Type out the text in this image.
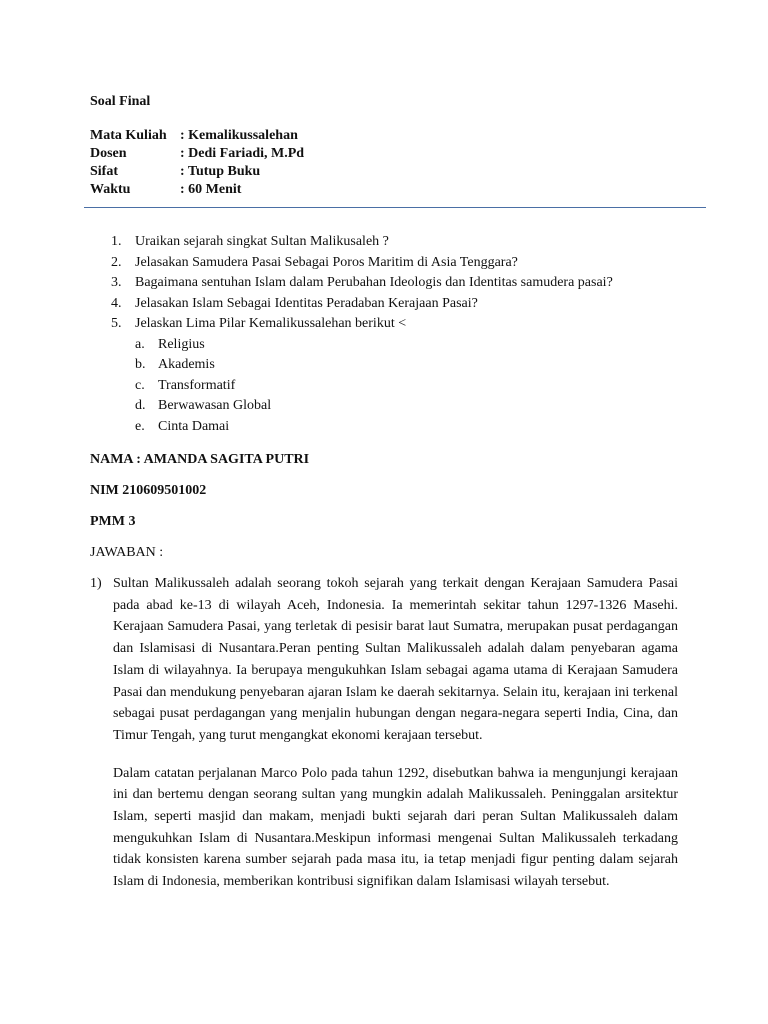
Soal Final
Mata Kuliah : Kemalikussalehan
Dosen	: Dedi Fariadi, M.Pd
Sifat	: Tutup Buku
Waktu	: 60 Menit
1. Uraikan sejarah singkat Sultan Malikusaleh ?
2. Jelasakan Samudera Pasai Sebagai Poros Maritim di Asia Tenggara?
3. Bagaimana sentuhan Islam dalam Perubahan Ideologis dan Identitas samudera pasai?
4. Jelasakan Islam Sebagai Identitas Peradaban Kerajaan Pasai?
5. Jelaskan Lima Pilar Kemalikussalehan berikut <
a. Religius
b. Akademis
c. Transformatif
d. Berwawasan Global
e. Cinta Damai
NAMA : AMANDA SAGITA PUTRI
NIM 210609501002
PMM 3
JAWABAN :
1) Sultan Malikussaleh adalah seorang tokoh sejarah yang terkait dengan Kerajaan Samudera Pasai pada abad ke-13 di wilayah Aceh, Indonesia. Ia memerintah sekitar tahun 1297-1326 Masehi. Kerajaan Samudera Pasai, yang terletak di pesisir barat laut Sumatra, merupakan pusat perdagangan dan Islamisasi di Nusantara.Peran penting Sultan Malikussaleh adalah dalam penyebaran agama Islam di wilayahnya. Ia berupaya mengukuhkan Islam sebagai agama utama di Kerajaan Samudera Pasai dan mendukung penyebaran ajaran Islam ke daerah sekitarnya. Selain itu, kerajaan ini terkenal sebagai pusat perdagangan yang menjalin hubungan dengan negara-negara seperti India, Cina, dan Timur Tengah, yang turut mengangkat ekonomi kerajaan tersebut.

Dalam catatan perjalanan Marco Polo pada tahun 1292, disebutkan bahwa ia mengunjungi kerajaan ini dan bertemu dengan seorang sultan yang mungkin adalah Malikussaleh. Peninggalan arsitektur Islam, seperti masjid dan makam, menjadi bukti sejarah dari peran Sultan Malikussaleh dalam mengukuhkan Islam di Nusantara.Meskipun informasi mengenai Sultan Malikussaleh terkadang tidak konsisten karena sumber sejarah pada masa itu, ia tetap menjadi figur penting dalam sejarah Islam di Indonesia, memberikan kontribusi signifikan dalam Islamisasi wilayah tersebut.
